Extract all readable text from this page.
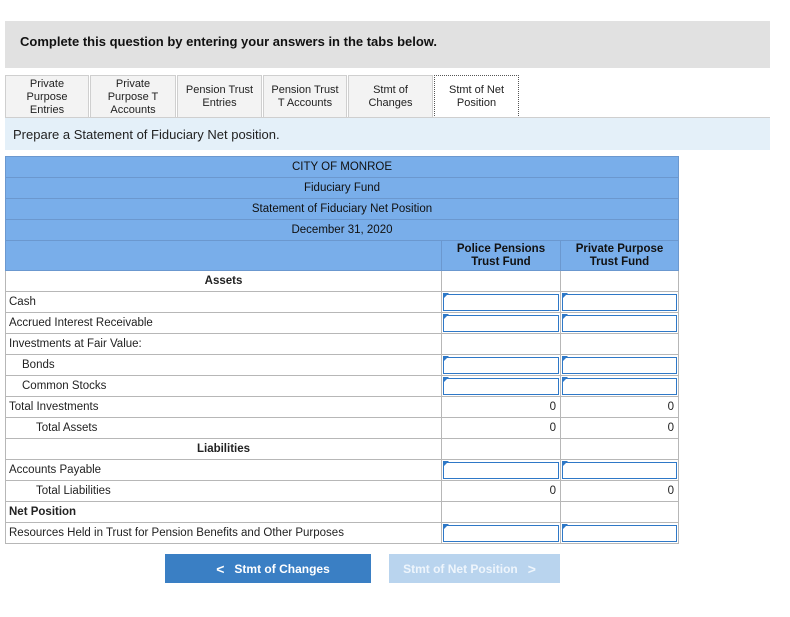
Complete this question by entering your answers in the tabs below.
Private
Purpose
Entries
Private
Purpose T
Accounts
Pension Trust
Entries
Pension Trust
T Accounts
Stmt of
Changes
Stmt of Net
Position
Prepare a Statement of Fiduciary Net position.
CITY OF MONROE		
Fiduciary Fund		
Statement of Fiduciary Net Position		
December 31, 2020		
	Police Pensions Trust Fund	Private Purpose Trust Fund
Assets		
Cash	

Accrued Interest Receivable	

Investments at Fair Value:		
Bonds	

Common Stocks	

Total Investments	0	0
Total Assets	0	0
Liabilities		
Accounts Payable	

Total Liabilities	0	0
Net Position		
Resources Held in Trust for Pension Benefits and Other Purposes	

< Stmt of Changes	Stmt of Net Position >
